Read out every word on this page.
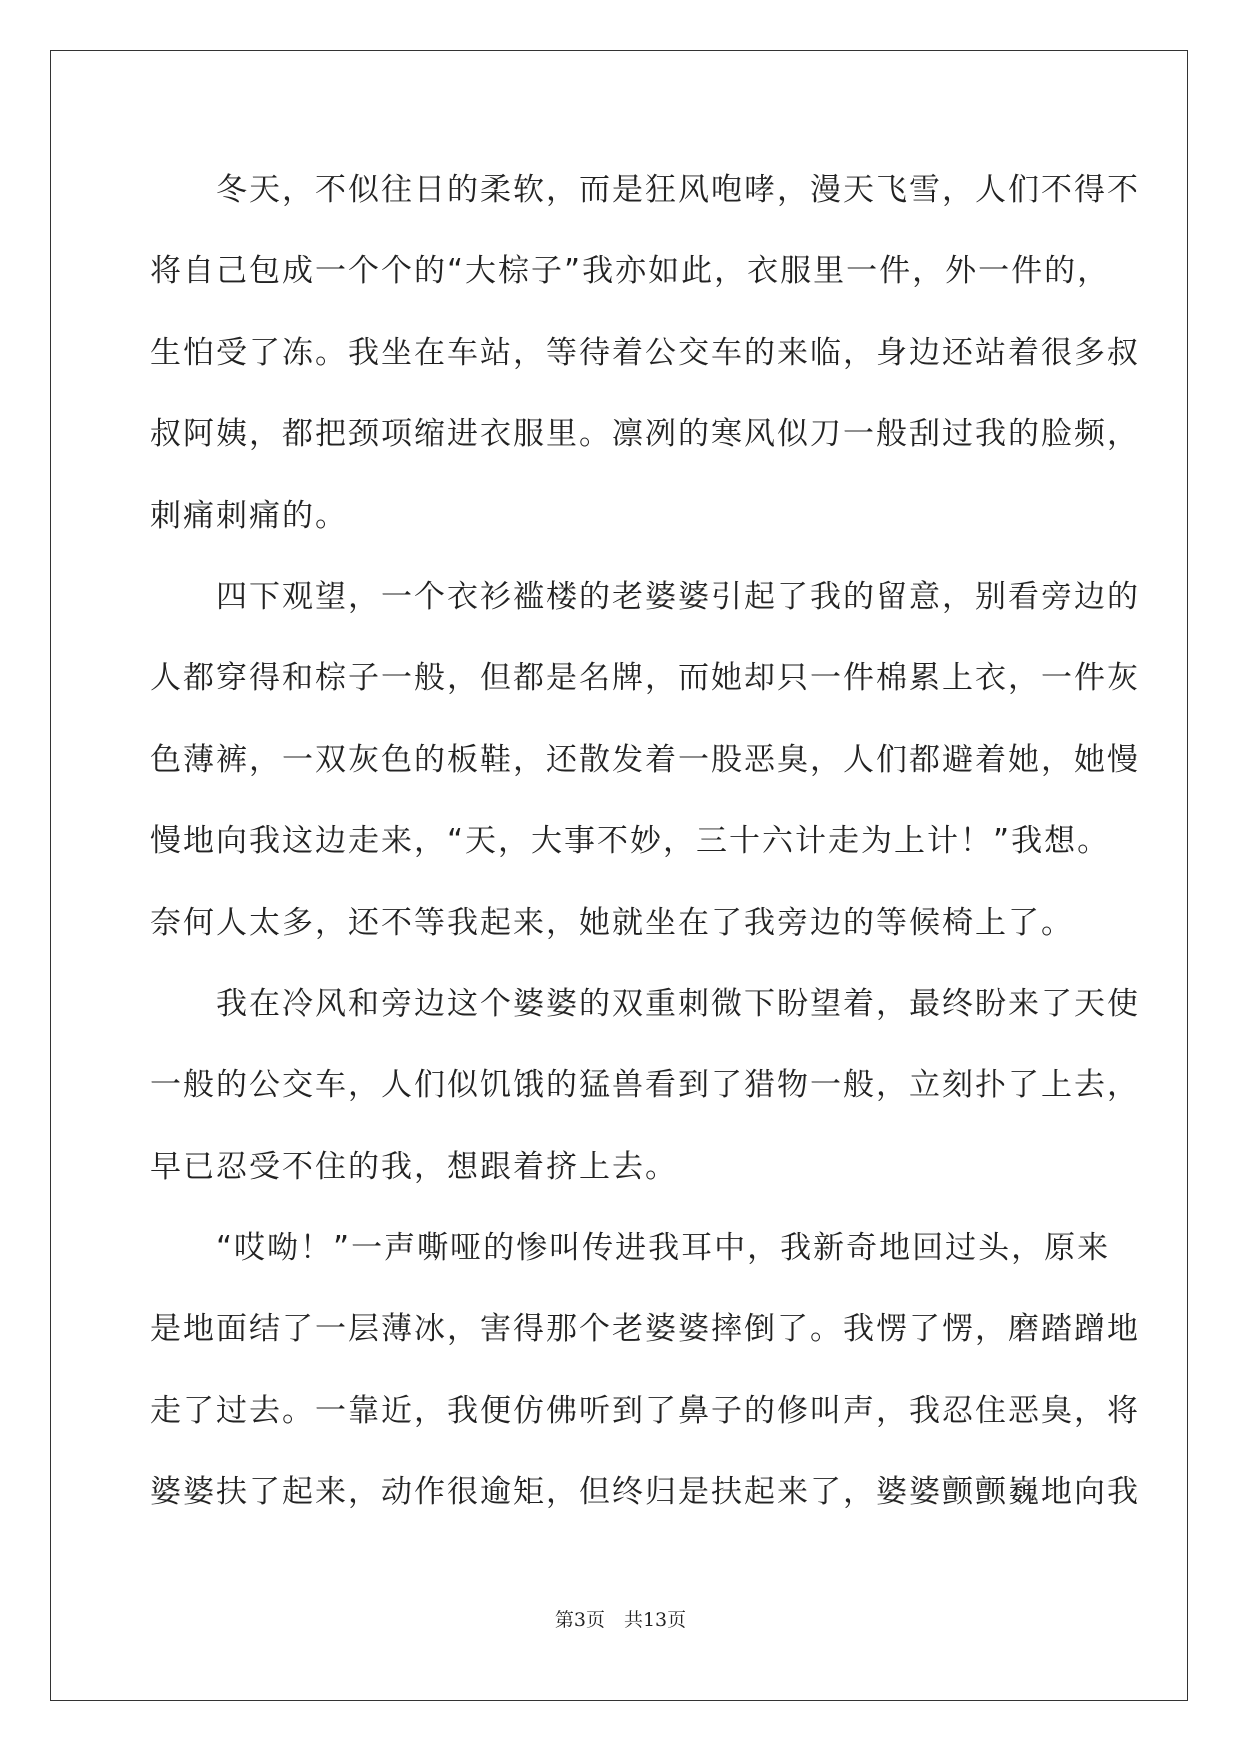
冬天，不似往日的柔软，而是狂风咆哮，漫天飞雪，人们不得不
将自己包成一个个的“大棕子”我亦如此，衣服里一件，外一件的，
生怕受了冻。我坐在车站，等待着公交车的来临，身边还站着很多叔
叔阿姨，都把颈项缩进衣服里。凛冽的寒风似刀一般刮过我的脸频，
刺痛刺痛的。
四下观望，一个衣衫褴楼的老婆婆引起了我的留意，别看旁边的
人都穿得和棕子一般，但都是名牌，而她却只一件棉累上衣，一件灰
色薄裤，一双灰色的板鞋，还散发着一股恶臭，人们都避着她，她慢
慢地向我这边走来，“天，大事不妙，三十六计走为上计！”我想。
奈何人太多，还不等我起来，她就坐在了我旁边的等候椅上了。
我在冷风和旁边这个婆婆的双重刺微下盼望着，最终盼来了天使
一般的公交车，人们似饥饿的猛兽看到了猎物一般，立刻扑了上去，
早已忍受不住的我，想跟着挤上去。
“哎呦！”一声嘶哑的惨叫传进我耳中，我新奇地回过头，原来
是地面结了一层薄冰，害得那个老婆婆摔倒了。我愣了愣，磨踏蹭地
走了过去。一靠近，我便仿佛听到了鼻子的修叫声，我忍住恶臭，将
婆婆扶了起来，动作很逾矩，但终归是扶起来了，婆婆颤颤巍地向我
第3页　共13页
